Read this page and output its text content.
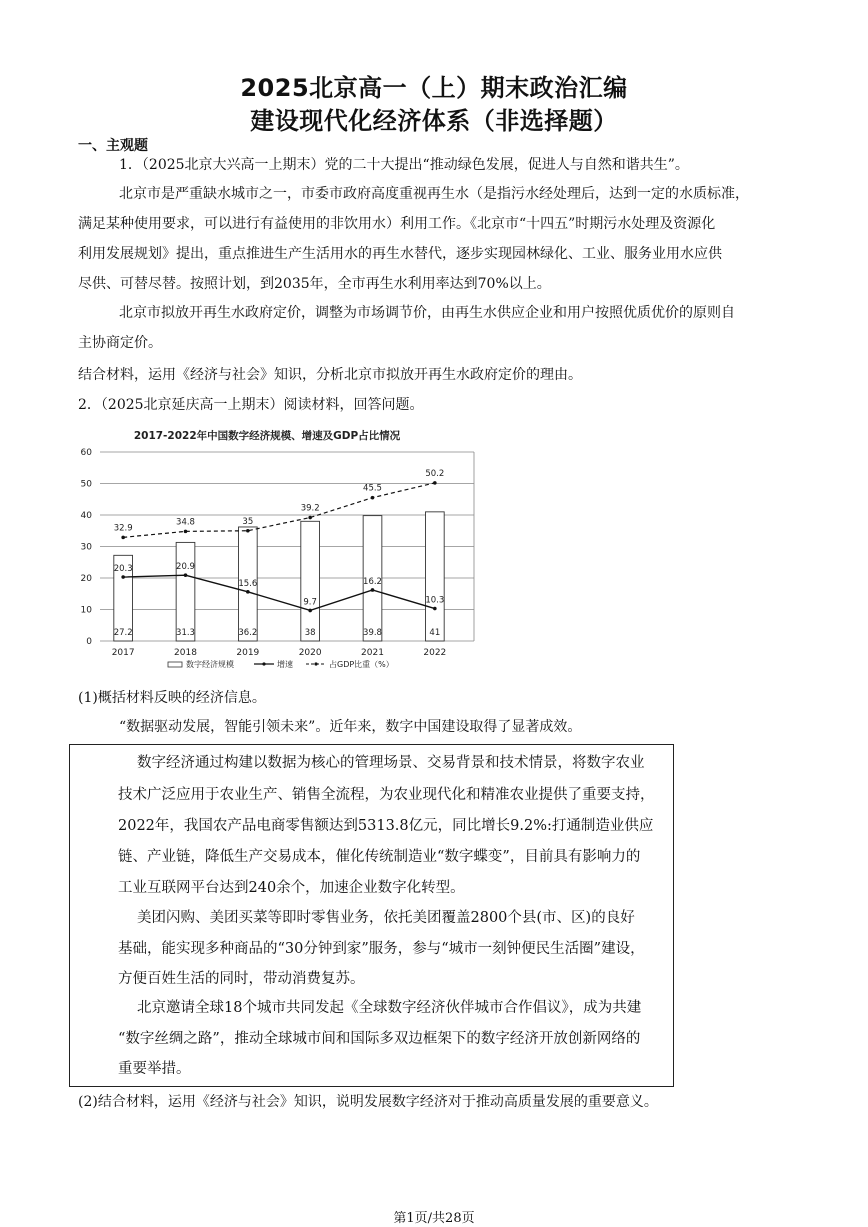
2025北京高一（上）期末政治汇编
建设现代化经济体系（非选择题）
一、主观题
1．（2025北京大兴高一上期末）党的二十大提出“推动绿色发展，促进人与自然和谐共生”。
北京市是严重缺水城市之一，市委市政府高度重视再生水（是指污水经处理后，达到一定的水质标准，
满足某种使用要求，可以进行有益使用的非饮用水）利用工作。《北京市“十四五”时期污水处理及资源化
利用发展规划》提出，重点推进生产生活用水的再生水替代，逐步实现园林绿化、工业、服务业用水应供
尽供、可替尽替。按照计划，到2035年，全市再生水利用率达到70%以上。
北京市拟放开再生水政府定价，调整为市场调节价，由再生水供应企业和用户按照优质优价的原则自
主协商定价。
结合材料，运用《经济与社会》知识，分析北京市拟放开再生水政府定价的理由。
2．（2025北京延庆高一上期末）阅读材料，回答问题。
2017-2022年中国数字经济规模、增速及GDP占比情况
0
10
20
30
40
50
60
27.2	31.3	36.2	38	39.8	41
2017	2018	2019	2020	2021	2022
20.3	20.9
15.6
9.7
16.2
10.3
32.9
34.8	35
39.2
45.5
50.2
数字经济规模	增速	占GDP比重（%）
(1)概括材料反映的经济信息。
“数据驱动发展，智能引领未来”。近年来，数字中国建设取得了显著成效。
数字经济通过构建以数据为核心的管理场景、交易背景和技术情景，将数字农业
技术广泛应用于农业生产、销售全流程，为农业现代化和精准农业提供了重要支持，
2022年，我国农产品电商零售额达到5313.8亿元，同比增长9.2%:打通制造业供应
链、产业链，降低生产交易成本，催化传统制造业“数字蝶变”，目前具有影响力的
工业互联网平台达到240余个，加速企业数字化转型。
美团闪购、美团买菜等即时零售业务，依托美团覆盖2800个县(市、区)的良好
基础，能实现多种商品的“30分钟到家”服务，参与“城市一刻钟便民生活圈”建设，
方便百姓生活的同时，带动消费复苏。
北京邀请全球18个城市共同发起《全球数字经济伙伴城市合作倡议》，成为共建
“数字丝绸之路”，推动全球城市间和国际多双边框架下的数字经济开放创新网络的
重要举措。
(2)结合材料，运用《经济与社会》知识，说明发展数字经济对于推动高质量发展的重要意义。
第1页/共28页
